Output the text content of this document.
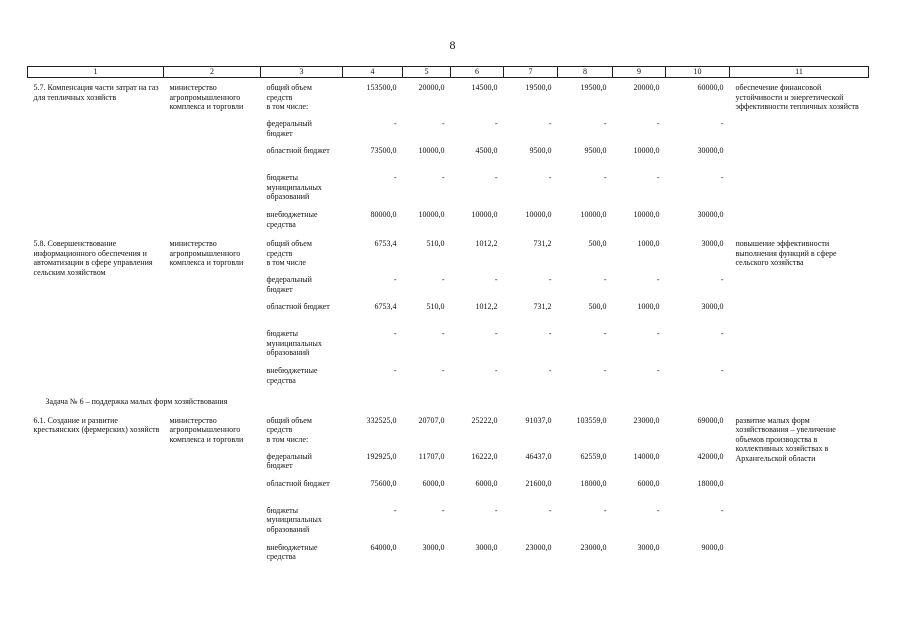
8
1	2	3	4	5	6	7	8	9	10	11
5.7. Компенсация части затрат на газ для тепличных хозяйств	министерство агропромышленного комплекса и торговли	общий объем средств	153500,0	20000,0	14500,0	19500,0	19500,0	20000,0	60000,0	обеспечение финансовой устойчивости и энергетической эффективности тепличных хозяйств
		в том числе:								
		федеральный бюджет	-	-	-	-	-	-	-	
		областной бюджет	73500,0	10000,0	4500,0	9500,0	9500,0	10000,0	30000,0	
		бюджеты муниципальных образований	-	-	-	-	-	-	-	
		внебюджетные средства	80000,0	10000,0	10000,0	10000,0	10000,0	10000,0	30000,0	
5.8. Совершенствование информационного обеспечения и автоматизации в сфере управления сельским хозяйством	министерство агропромышленного комплекса и торговли	общий объем средств	6753,4	510,0	1012,2	731,2	500,0	1000,0	3000,0	повышение эффективности выполнения функций в сфере сельского хозяйства
		в том числе								
		федеральный бюджет	-	-	-	-	-	-	-	
		областной бюджет	6753,4	510,0	1012,2	731,2	500,0	1000,0	3000,0	
		бюджеты муниципальных образований	-	-	-	-	-	-	-	
		внебюджетные средства	-	-	-	-	-	-	-	
Задача № 6 – поддержка малых форм хозяйствования										
6.1. Создание и развитие крестьянских (фермерских) хозяйств	министерство агропромышленного комплекса и торговли	общий объем средств	332525,0	20707,0	25222,0	91037,0	103559,0	23000,0	69000,0	развитие малых форм хозяйствования – увеличение объемов производства в коллективных хозяйствах в Архангельской области
		в том числе:								
		федеральный бюджет	192925,0	11707,0	16222,0	46437,0	62559,0	14000,0	42000,0	
		областной бюджет	75600,0	6000,0	6000,0	21600,0	18000,0	6000,0	18000,0	
		бюджеты муниципальных образований	-	-	-	-	-	-	-	
		внебюджетные средства	64000,0	3000,0	3000,0	23000,0	23000,0	3000,0	9000,0	
